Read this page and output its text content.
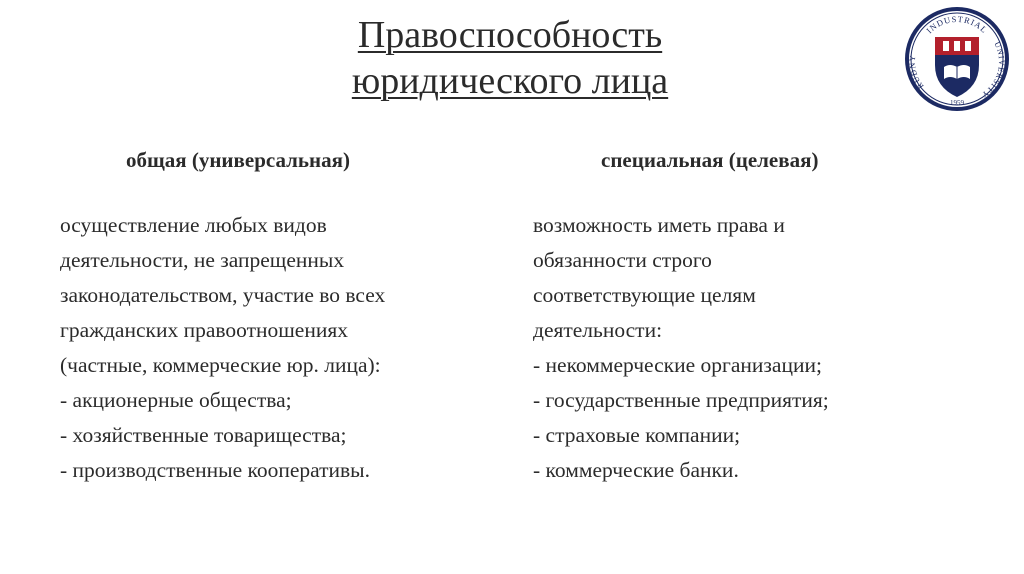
Правоспособность
юридического лица
INDUSTRIAL
RUDNY
UNIVERSITY
1959
общая (универсальная)	специальная (целевая)
осуществление любых видов
деятельности, не запрещенных
законодательством, участие во всех
гражданских правоотношениях
(частные, коммерческие юр. лица):
- акционерные общества;
- хозяйственные товарищества;
- производственные кооперативы.
возможность иметь права и
обязанности строго
соответствующие целям
деятельности:
- некоммерческие организации;
- государственные предприятия;
- страховые компании;
- коммерческие банки.
